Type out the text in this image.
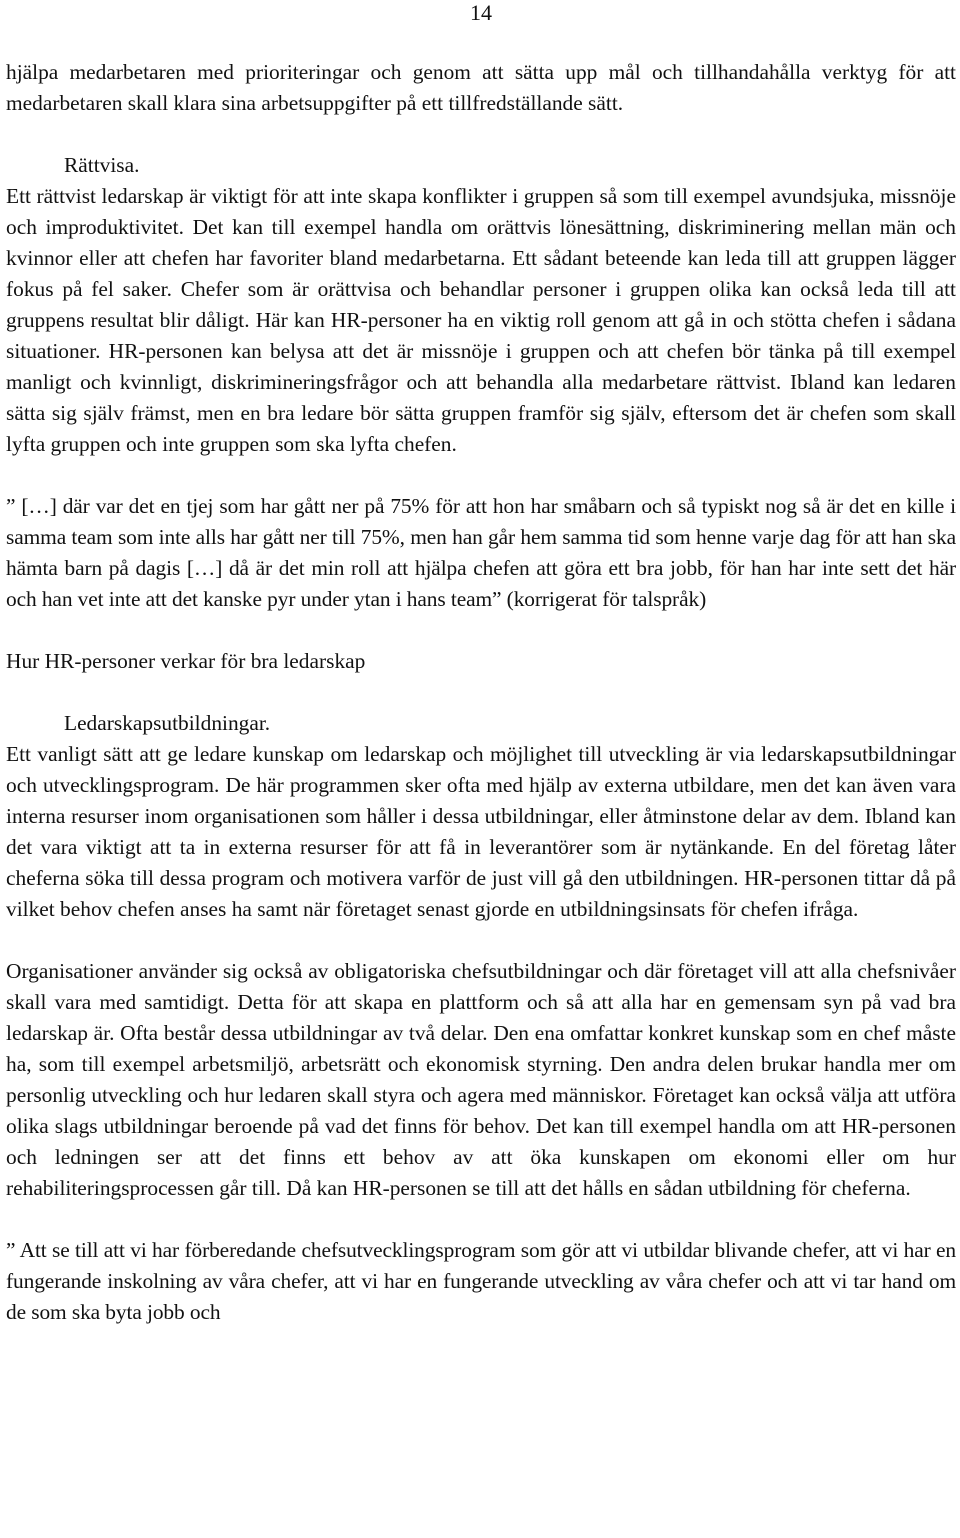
14

hjälpa medarbetaren med prioriteringar och genom att sätta upp mål och tillhandahålla verktyg för att medarbetaren skall klara sina arbetsuppgifter på ett tillfredställande sätt.

Rättvisa.

Ett rättvist ledarskap är viktigt för att inte skapa konflikter i gruppen så som till exempel avundsjuka, missnöje och improduktivitet. Det kan till exempel handla om orättvis lönesättning, diskriminering mellan män och kvinnor eller att chefen har favoriter bland medarbetarna. Ett sådant beteende kan leda till att gruppen lägger fokus på fel saker. Chefer som är orättvisa och behandlar personer i gruppen olika kan också leda till att gruppens resultat blir dåligt. Här kan HR-personer ha en viktig roll genom att gå in och stötta chefen i sådana situationer. HR-personen kan belysa att det är missnöje i gruppen och att chefen bör tänka på till exempel manligt och kvinnligt, diskrimineringsfrågor och att behandla alla medarbetare rättvist. Ibland kan ledaren sätta sig själv främst, men en bra ledare bör sätta gruppen framför sig själv, eftersom det är chefen som skall lyfta gruppen och inte gruppen som ska lyfta chefen.

” […] där var det en tjej som har gått ner på 75% för att hon har småbarn och så typiskt nog så är det en kille i samma team som inte alls har gått ner till 75%, men han går hem samma tid som henne varje dag för att han ska hämta barn på dagis […] då är det min roll att hjälpa chefen att göra ett bra jobb, för han har inte sett det här och han vet inte att det kanske pyr under ytan i hans team” (korrigerat för talspråk)

Hur HR-personer verkar för bra ledarskap

Ledarskapsutbildningar.

Ett vanligt sätt att ge ledare kunskap om ledarskap och möjlighet till utveckling är via ledarskapsutbildningar och utvecklingsprogram. De här programmen sker ofta med hjälp av externa utbildare, men det kan även vara interna resurser inom organisationen som håller i dessa utbildningar, eller åtminstone delar av dem. Ibland kan det vara viktigt att ta in externa resurser för att få in leverantörer som är nytänkande. En del företag låter cheferna söka till dessa program och motivera varför de just vill gå den utbildningen. HR-personen tittar då på vilket behov chefen anses ha samt när företaget senast gjorde en utbildningsinsats för chefen ifråga.

Organisationer använder sig också av obligatoriska chefsutbildningar och där företaget vill att alla chefsnivåer skall vara med samtidigt. Detta för att skapa en plattform och så att alla har en gemensam syn på vad bra ledarskap är. Ofta består dessa utbildningar av två delar. Den ena omfattar konkret kunskap som en chef måste ha, som till exempel arbetsmiljö, arbetsrätt och ekonomisk styrning. Den andra delen brukar handla mer om personlig utveckling och hur ledaren skall styra och agera med människor. Företaget kan också välja att utföra olika slags utbildningar beroende på vad det finns för behov. Det kan till exempel handla om att HR-personen och ledningen ser att det finns ett behov av att öka kunskapen om ekonomi eller om hur rehabiliteringsprocessen går till. Då kan HR-personen se till att det hålls en sådan utbildning för cheferna.

” Att se till att vi har förberedande chefsutvecklingsprogram som gör att vi utbildar blivande chefer, att vi har en fungerande inskolning av våra chefer, att vi har en fungerande utveckling av våra chefer och att vi tar hand om de som ska byta jobb och
